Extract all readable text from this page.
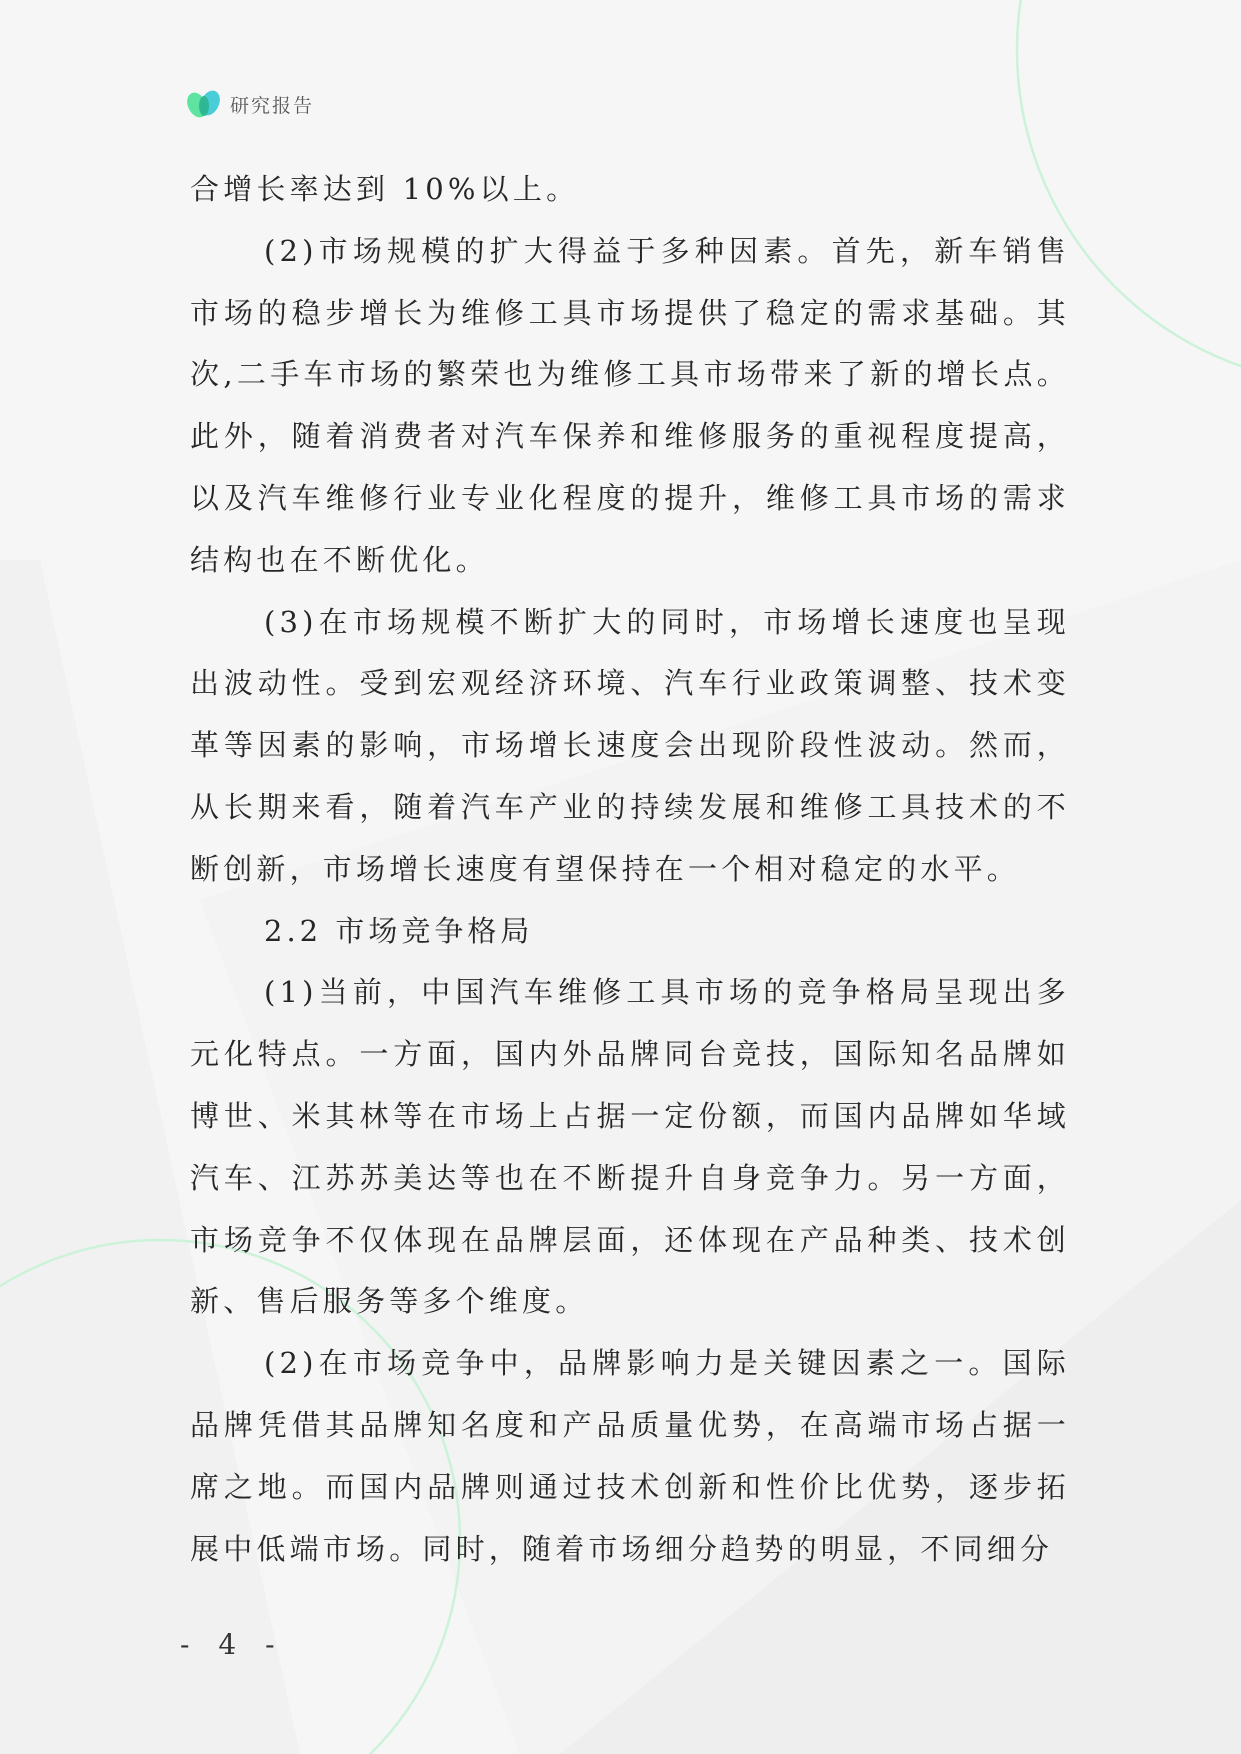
研究报告

合增长率达到 10%以上。

(2)市场规模的扩大得益于多种因素。首先，新车销售市场的稳步增长为维修工具市场提供了稳定的需求基础。其次,二手车市场的繁荣也为维修工具市场带来了新的增长点。此外，随着消费者对汽车保养和维修服务的重视程度提高，以及汽车维修行业专业化程度的提升，维修工具市场的需求结构也在不断优化。

(3)在市场规模不断扩大的同时，市场增长速度也呈现出波动性。受到宏观经济环境、汽车行业政策调整、技术变革等因素的影响，市场增长速度会出现阶段性波动。然而，从长期来看，随着汽车产业的持续发展和维修工具技术的不断创新，市场增长速度有望保持在一个相对稳定的水平。

2.2 市场竞争格局

(1)当前，中国汽车维修工具市场的竞争格局呈现出多元化特点。一方面，国内外品牌同台竞技，国际知名品牌如博世、米其林等在市场上占据一定份额，而国内品牌如华域汽车、江苏苏美达等也在不断提升自身竞争力。另一方面，市场竞争不仅体现在品牌层面，还体现在产品种类、技术创新、售后服务等多个维度。

(2)在市场竞争中，品牌影响力是关键因素之一。国际品牌凭借其品牌知名度和产品质量优势，在高端市场占据一席之地。而国内品牌则通过技术创新和性价比优势，逐步拓展中低端市场。同时，随着市场细分趋势的明显，不同细分

- 4 -
